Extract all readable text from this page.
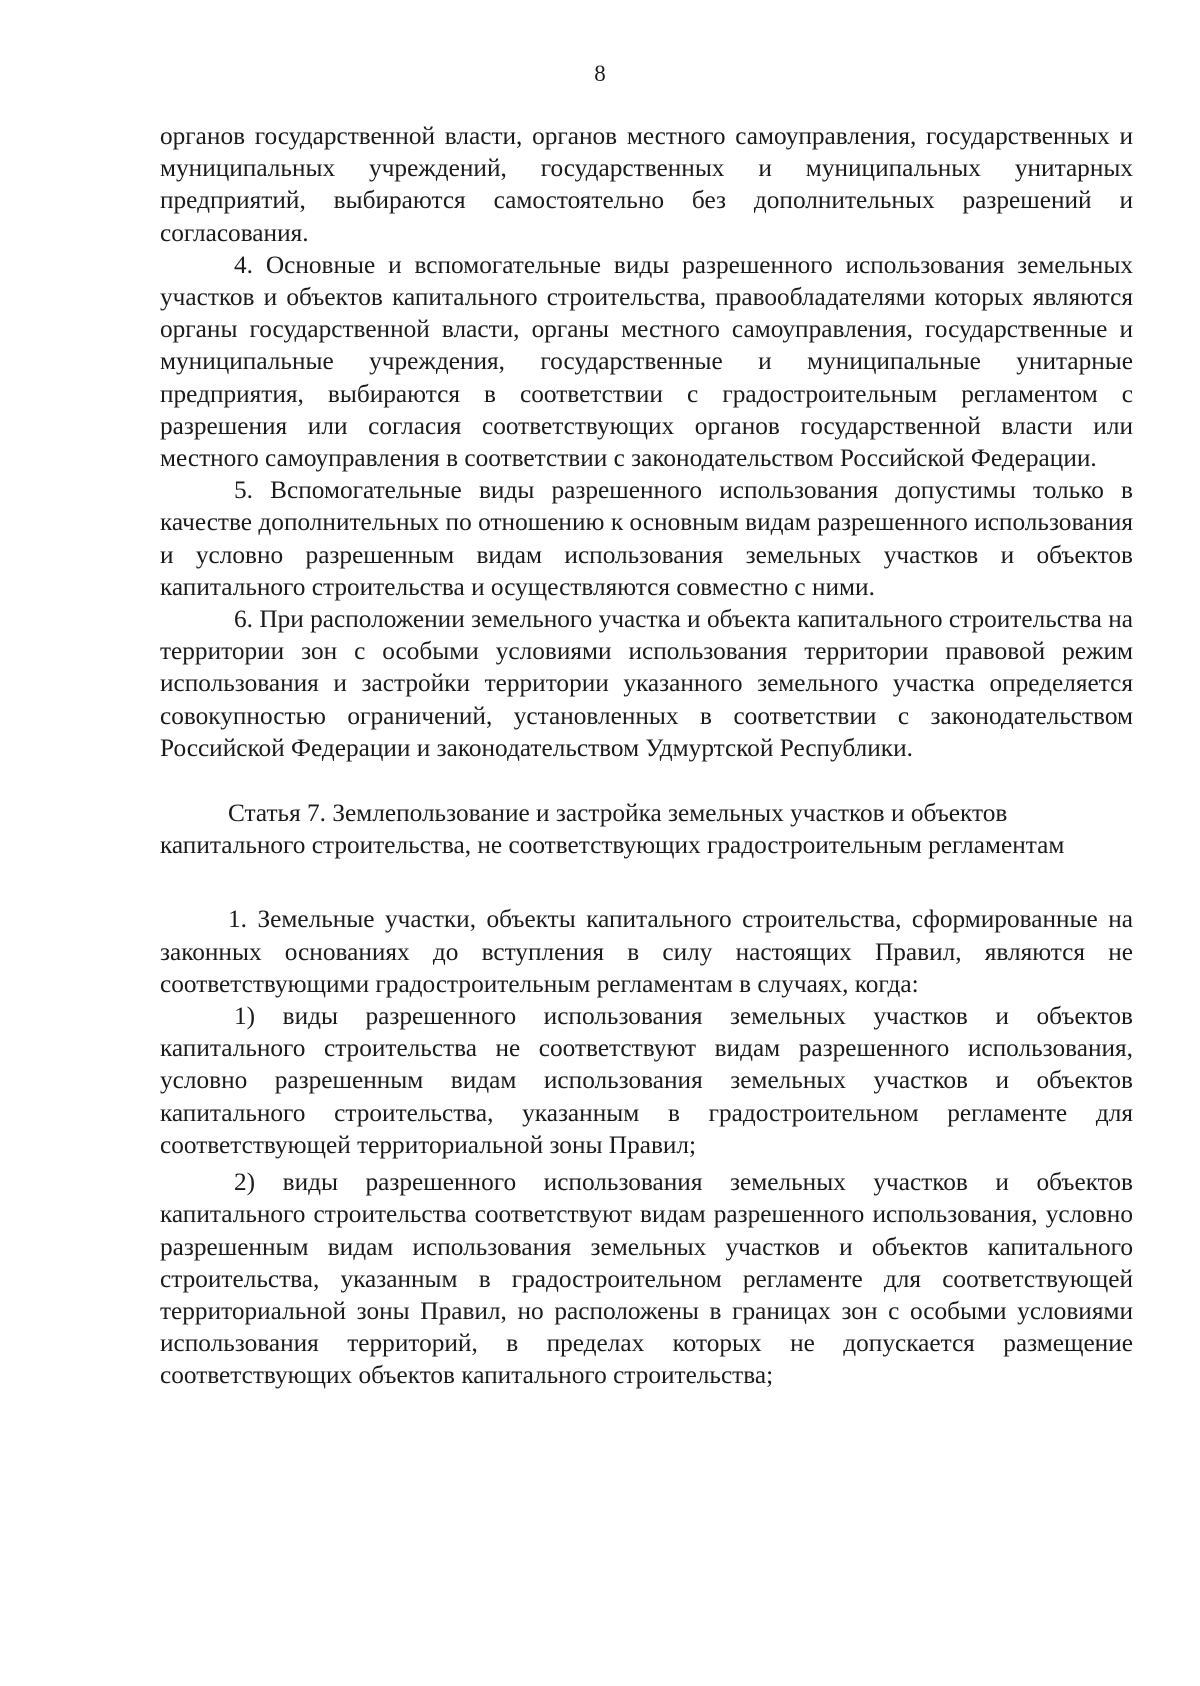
8

органов государственной власти, органов местного самоуправления, государственных и муниципальных учреждений, государственных и муниципальных унитарных предприятий, выбираются самостоятельно без дополнительных разрешений и согласования.

4. Основные и вспомогательные виды разрешенного использования земельных участков и объектов капитального строительства, правообладателями которых являются органы государственной власти, органы местного самоуправления, государственные и муниципальные учреждения, государственные и муниципальные унитарные предприятия, выбираются в соответствии с градостроительным регламентом с разрешения или согласия соответствующих органов государственной власти или местного самоуправления в соответствии с законодательством Российской Федерации.

5. Вспомогательные виды разрешенного использования допустимы только в качестве дополнительных по отношению к основным видам разрешенного использования и условно разрешенным видам использования земельных участков и объектов капитального строительства и осуществляются совместно с ними.

6. При расположении земельного участка и объекта капитального строительства на территории зон с особыми условиями использования территории правовой режим использования и застройки территории указанного земельного участка определяется совокупностью ограничений, установленных в соответствии с законодательством Российской Федерации и законодательством Удмуртской Республики.

Статья 7. Землепользование и застройка земельных участков и объектов капитального строительства, не соответствующих градостроительным регламентам

1. Земельные участки, объекты капитального строительства, сформированные на законных основаниях до вступления в силу настоящих Правил, являются не соответствующими градостроительным регламентам в случаях, когда:

1) виды разрешенного использования земельных участков и объектов капитального строительства не соответствуют видам разрешенного использования, условно разрешенным видам использования земельных участков и объектов капитального строительства, указанным в градостроительном регламенте для соответствующей территориальной зоны Правил;

2) виды разрешенного использования земельных участков и объектов капитального строительства соответствуют видам разрешенного использования, условно разрешенным видам использования земельных участков и объектов капитального строительства, указанным в градостроительном регламенте для соответствующей территориальной зоны Правил, но расположены в границах зон с особыми условиями использования территорий, в пределах которых не допускается размещение соответствующих объектов капитального строительства;
